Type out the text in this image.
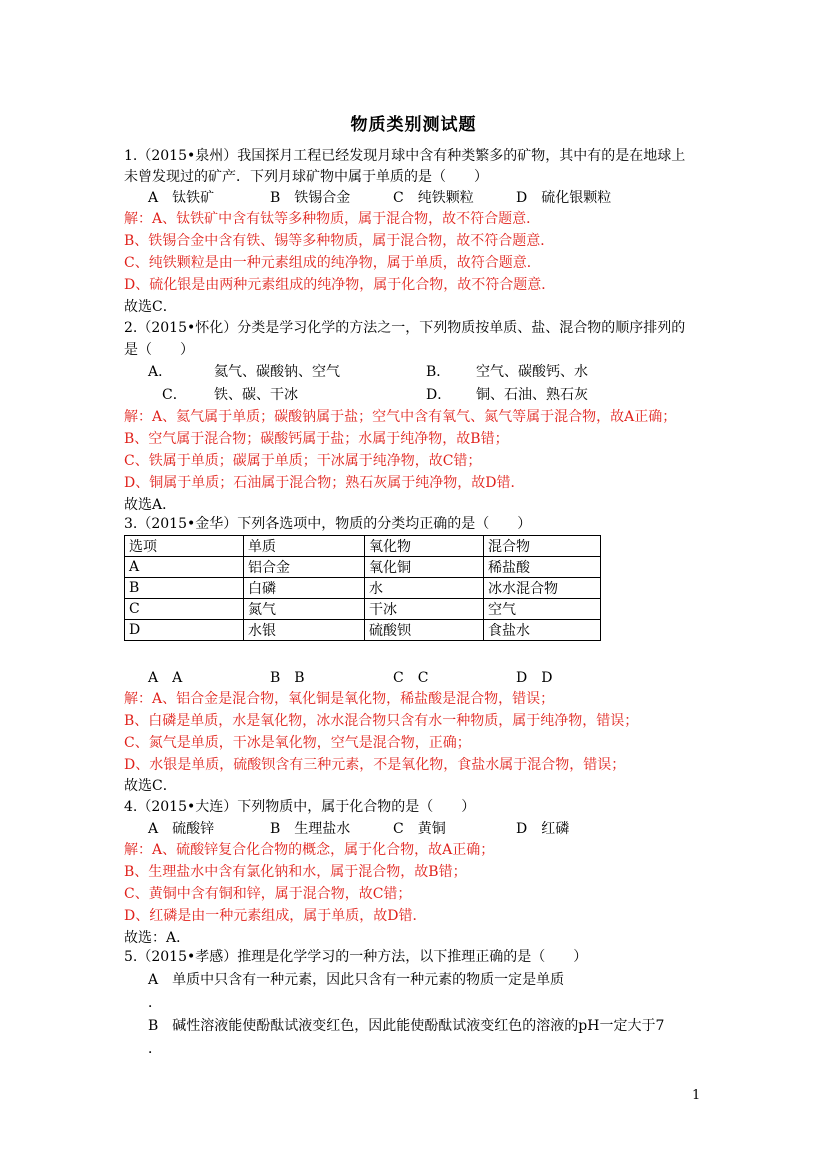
物质类别测试题
1.（2015•泉州）我国探月工程已经发现月球中含有种类繁多的矿物，其中有的是在地球上
未曾发现过的矿产．下列月球矿物中属于单质的是（　　）
A　钛铁矿	B　铁锡合金	C　纯铁颗粒	D　硫化银颗粒
解：A、钛铁矿中含有钛等多种物质，属于混合物，故不符合题意．
B、铁锡合金中含有铁、锡等多种物质，属于混合物，故不符合题意．
C、纯铁颗粒是由一种元素组成的纯净物，属于单质，故符合题意．
D、硫化银是由两种元素组成的纯净物，属于化合物，故不符合题意．
故选C．
2.（2015•怀化）分类是学习化学的方法之一，下列物质按单质、盐、混合物的顺序排列的
是（　　）
A．	氦气、碳酸钠、空气	B． 空气、碳酸钙、水
C． 铁、碳、干冰	D． 铜、石油、熟石灰
解：A、氦气属于单质；碳酸钠属于盐；空气中含有氧气、氮气等属于混合物，故A正确；
B、空气属于混合物；碳酸钙属于盐；水属于纯净物，故B错；
C、铁属于单质；碳属于单质；干冰属于纯净物，故C错；
D、铜属于单质；石油属于混合物；熟石灰属于纯净物，故D错．
故选A．
3.（2015•金华）下列各选项中，物质的分类均正确的是（　　）
选项	单质	氧化物	混合物
A	铝合金	氧化铜	稀盐酸
B	白磷	水	冰水混合物
C	氮气	干冰	空气
D	水银	硫酸钡	食盐水
A　A	B　B	C　C	D　D
解：A、铝合金是混合物，氧化铜是氧化物，稀盐酸是混合物，错误；
B、白磷是单质，水是氧化物，冰水混合物只含有水一种物质，属于纯净物，错误；
C、氮气是单质，干冰是氧化物，空气是混合物，正确；
D、水银是单质，硫酸钡含有三种元素，不是氧化物，食盐水属于混合物，错误；
故选C．
4.（2015•大连）下列物质中，属于化合物的是（　　）
A　硫酸锌	B　生理盐水	C　黄铜	D　红磷
解：A、硫酸锌复合化合物的概念，属于化合物，故A正确；
B、生理盐水中含有氯化钠和水，属于混合物，故B错；
C、黄铜中含有铜和锌，属于混合物，故C错；
D、红磷是由一种元素组成，属于单质，故D错．
故选：A．
5.（2015•孝感）推理是化学学习的一种方法，以下推理正确的是（　　）
A　单质中只含有一种元素，因此只含有一种元素的物质一定是单质
．
B　碱性溶液能使酚酞试液变红色，因此能使酚酞试液变红色的溶液的pH一定大于7
．
1
